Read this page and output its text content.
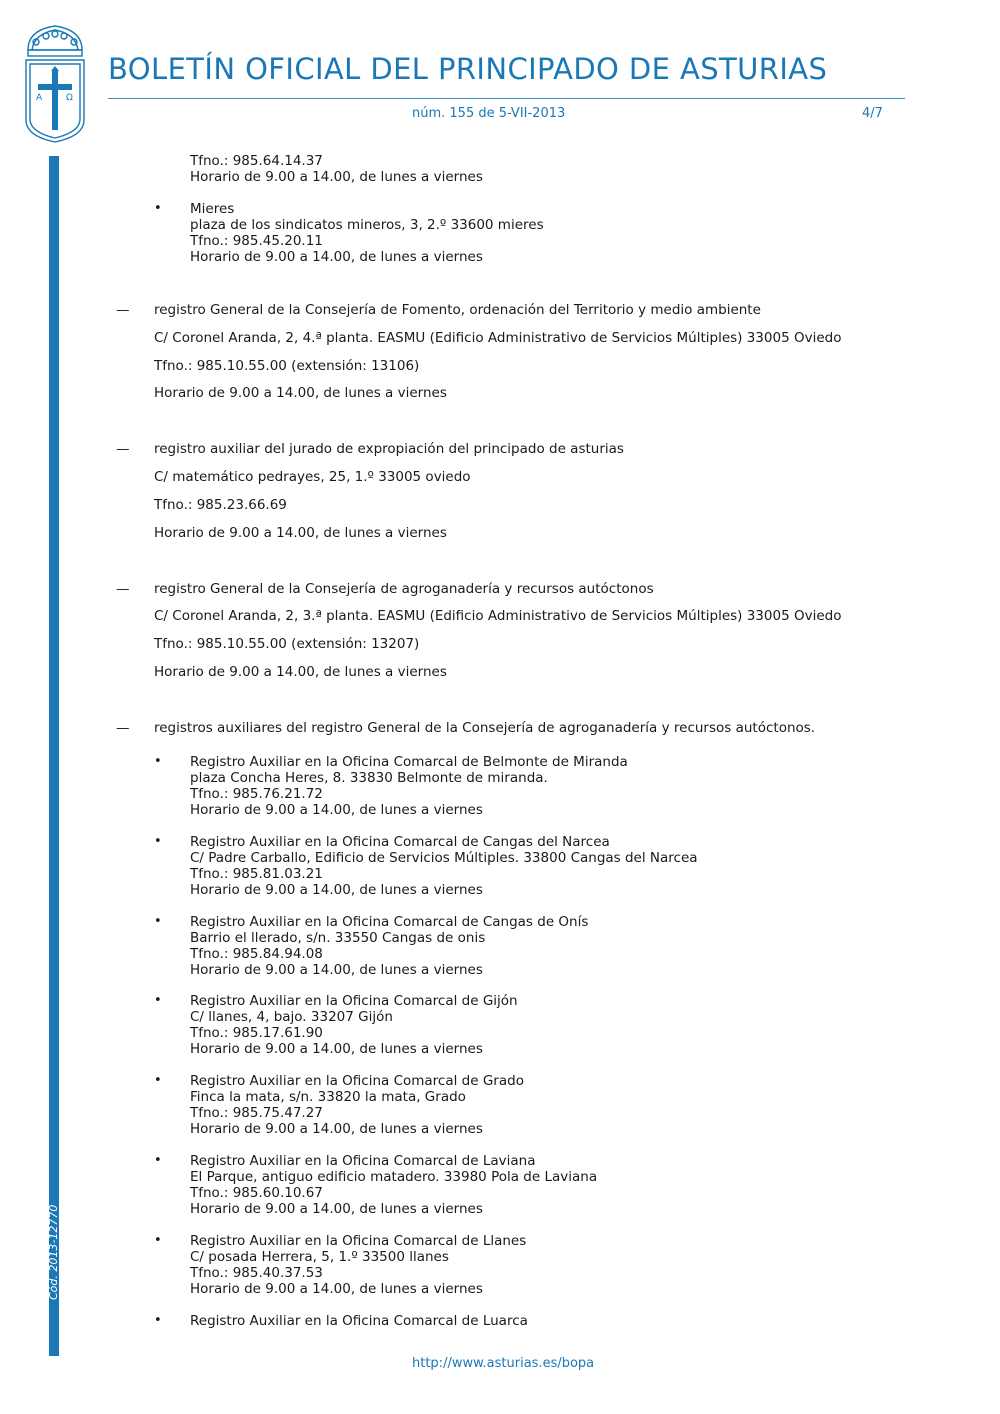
A	Ω
BOLETÍN OFICIAL DEL PRINCIPADO DE ASTURIAS
núm. 155 de 5-VII-2013	4/7
Cód. 2013-12770
Tfno.: 985.64.14.37
Horario de 9.00 a 14.00, de lunes a viernes
• Mieres
plaza de los sindicatos mineros, 3, 2.º 33600 mieres
Tfno.: 985.45.20.11
Horario de 9.00 a 14.00, de lunes a viernes
— registro General de la Consejería de Fomento, ordenación del Territorio y medio ambiente
C/ Coronel Aranda, 2, 4.ª planta. EASMU (Edificio Administrativo de Servicios Múltiples) 33005 Oviedo
Tfno.: 985.10.55.00 (extensión: 13106)
Horario de 9.00 a 14.00, de lunes a viernes
— registro auxiliar del jurado de expropiación del principado de asturias
C/ matemático pedrayes, 25, 1.º 33005 oviedo
Tfno.: 985.23.66.69
Horario de 9.00 a 14.00, de lunes a viernes
— registro General de la Consejería de agroganadería y recursos autóctonos
C/ Coronel Aranda, 2, 3.ª planta. EASMU (Edificio Administrativo de Servicios Múltiples) 33005 Oviedo
Tfno.: 985.10.55.00 (extensión: 13207)
Horario de 9.00 a 14.00, de lunes a viernes
— registros auxiliares del registro General de la Consejería de agroganadería y recursos autóctonos.
• Registro Auxiliar en la Oficina Comarcal de Belmonte de Miranda
plaza Concha Heres, 8. 33830 Belmonte de miranda.
Tfno.: 985.76.21.72
Horario de 9.00 a 14.00, de lunes a viernes
• Registro Auxiliar en la Oficina Comarcal de Cangas del Narcea
C/ Padre Carballo, Edificio de Servicios Múltiples. 33800 Cangas del Narcea
Tfno.: 985.81.03.21
Horario de 9.00 a 14.00, de lunes a viernes
• Registro Auxiliar en la Oficina Comarcal de Cangas de Onís
Barrio el llerado, s/n. 33550 Cangas de onis
Tfno.: 985.84.94.08
Horario de 9.00 a 14.00, de lunes a viernes
• Registro Auxiliar en la Oficina Comarcal de Gijón
C/ llanes, 4, bajo. 33207 Gijón
Tfno.: 985.17.61.90
Horario de 9.00 a 14.00, de lunes a viernes
• Registro Auxiliar en la Oficina Comarcal de Grado
Finca la mata, s/n. 33820 la mata, Grado
Tfno.: 985.75.47.27
Horario de 9.00 a 14.00, de lunes a viernes
• Registro Auxiliar en la Oficina Comarcal de Laviana
El Parque, antiguo edificio matadero. 33980 Pola de Laviana
Tfno.: 985.60.10.67
Horario de 9.00 a 14.00, de lunes a viernes
• Registro Auxiliar en la Oficina Comarcal de Llanes
C/ posada Herrera, 5, 1.º 33500 llanes
Tfno.: 985.40.37.53
Horario de 9.00 a 14.00, de lunes a viernes
• Registro Auxiliar en la Oficina Comarcal de Luarca
http://www.asturias.es/bopa
